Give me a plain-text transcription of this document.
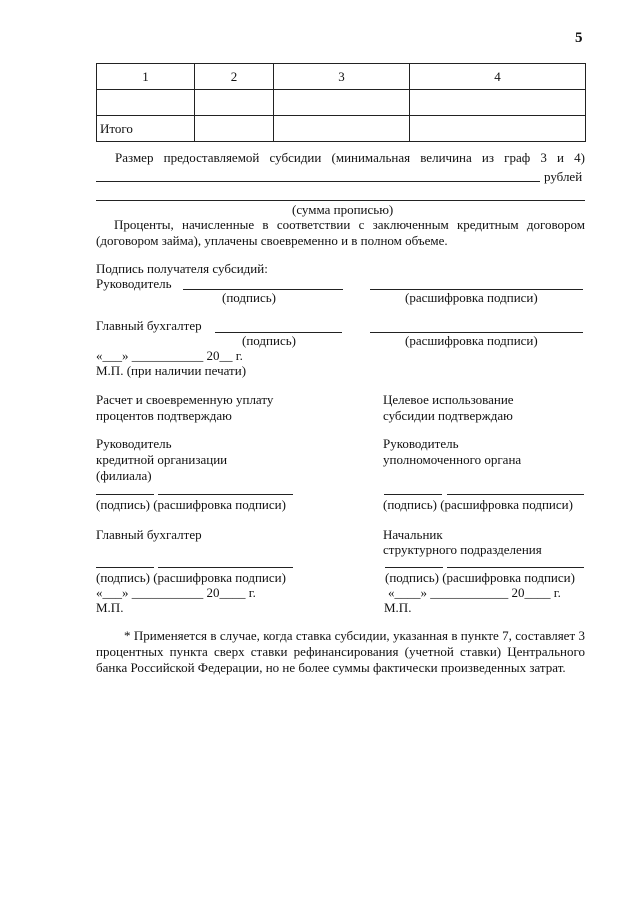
5
1	2	3	4

Итого			
Размер предоставляемой субсидии (минимальная величина из граф 3 и 4)
рублей
(сумма прописью)
Проценты, начисленные в соответствии с заключенным кредитным договором (договором займа), уплачены своевременно и в полном объеме.
Подпись получателя субсидий:
Руководитель
(подпись)	(расшифровка подписи)
Главный бухгалтер
(подпись)	(расшифровка подписи)
«___» ___________ 20__ г.
М.П. (при наличии печати)
Расчет и своевременную уплату
процентов подтверждаю
Руководитель
кредитной организации
(филиала)
(подпись) (расшифровка подписи)
Главный бухгалтер
(подпись) (расшифровка подписи)
«___» ___________ 20____ г.
М.П.
Целевое использование
субсидии подтверждаю
Руководитель
уполномоченного органа
(подпись) (расшифровка подписи)
Начальник
структурного подразделения
(подпись) (расшифровка подписи)
«____» ____________ 20____ г.
М.П.
* Применяется в случае, когда ставка субсидии, указанная в пункте 7, составляет 3 процентных пункта сверх ставки рефинансирования (учетной ставки) Центрального банка Российской Федерации, но не более суммы фактически произведенных затрат.
